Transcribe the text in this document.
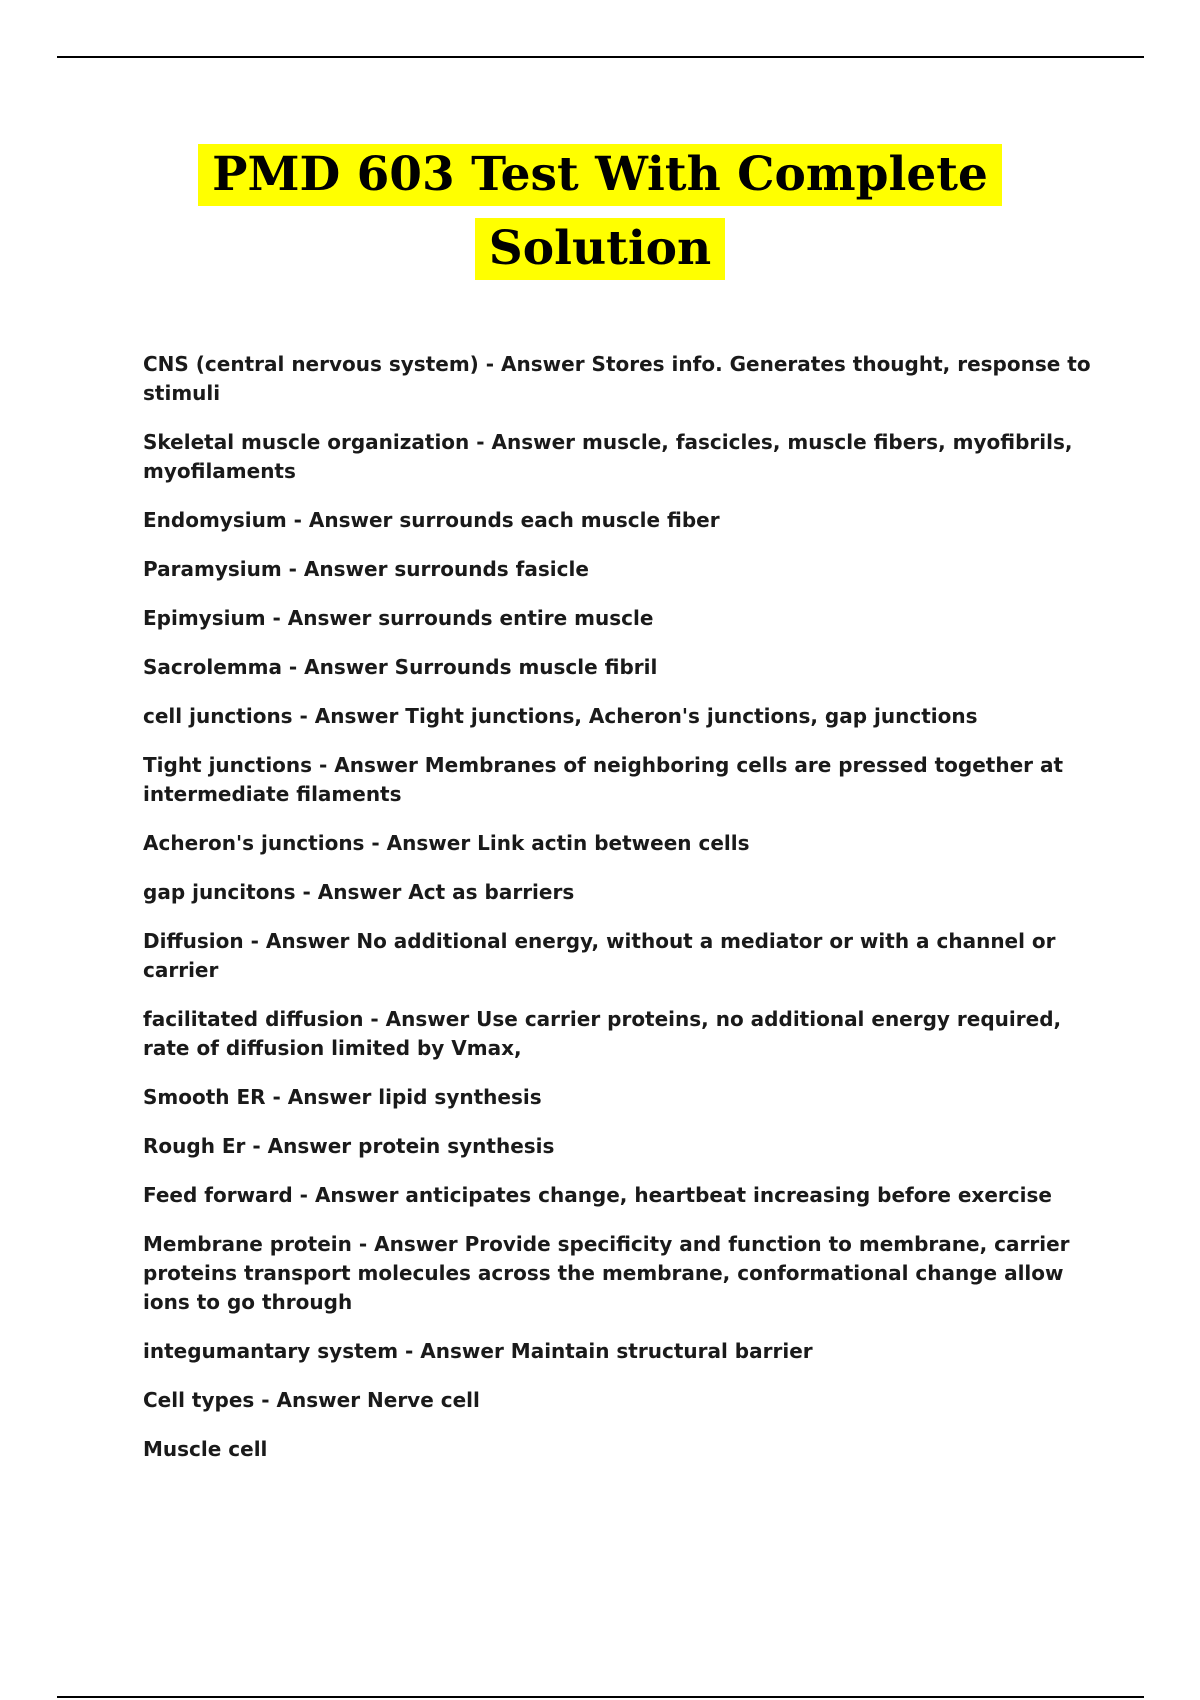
PMD 603 Test With Complete
Solution
CNS (central nervous system) - Answer Stores info. Generates thought, response to stimuli
Skeletal muscle organization - Answer muscle, fascicles, muscle fibers, myofibrils, myofilaments
Endomysium - Answer surrounds each muscle fiber
Paramysium - Answer surrounds fasicle
Epimysium - Answer surrounds entire muscle
Sacrolemma - Answer Surrounds muscle fibril
cell junctions - Answer Tight junctions, Acheron's junctions, gap junctions
Tight junctions - Answer Membranes of neighboring cells are pressed together at intermediate filaments
Acheron's junctions - Answer Link actin between cells
gap juncitons - Answer Act as barriers
Diffusion - Answer No additional energy, without a mediator or with a channel or carrier
facilitated diffusion - Answer Use carrier proteins, no additional energy required, rate of diffusion limited by Vmax,
Smooth ER - Answer lipid synthesis
Rough Er - Answer protein synthesis
Feed forward - Answer anticipates change, heartbeat increasing before exercise
Membrane protein - Answer Provide specificity and function to membrane, carrier proteins transport molecules across the membrane, conformational change allow ions to go through
integumantary system - Answer Maintain structural barrier
Cell types - Answer Nerve cell
Muscle cell
